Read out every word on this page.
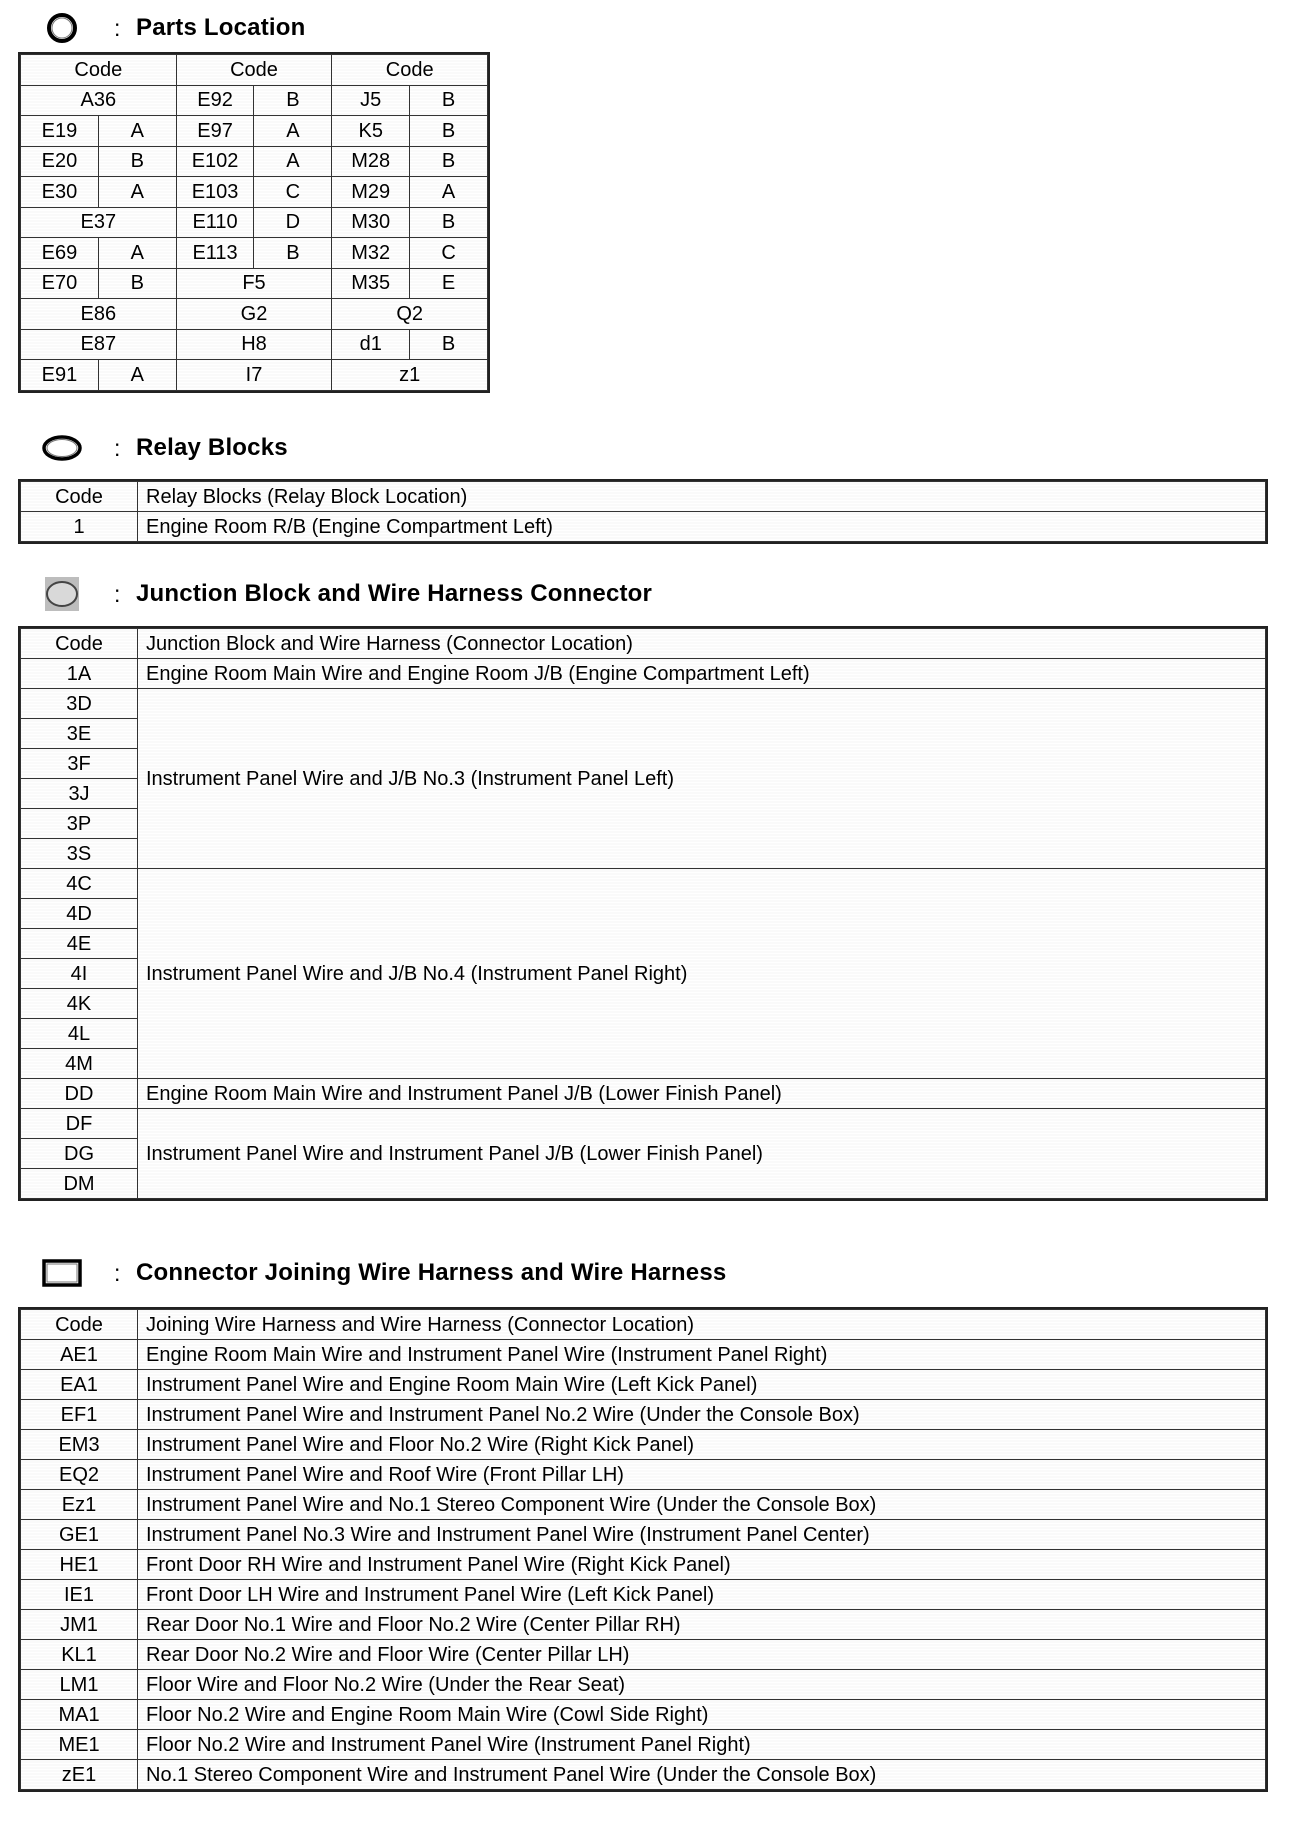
: Parts Location
Code		Code		Code	
A36		E92	B	J5	B
E19	A	E97	A	K5	B
E20	B	E102	A	M28	B
E30	A	E103	C	M29	A
E37		E110	D	M30	B
E69	A	E113	B	M32	C
E70	B	F5		M35	E
E86		G2		Q2	
E87		H8		d1	B
E91	A	I7		z1	
: Relay Blocks
Code	Relay Blocks (Relay Block Location)
1	Engine Room R/B (Engine Compartment Left)
: Junction Block and Wire Harness Connector
Code	Junction Block and Wire Harness (Connector Location)
1A	Engine Room Main Wire and Engine Room J/B (Engine Compartment Left)
3D	Instrument Panel Wire and J/B No.3 (Instrument Panel Left)
3E	
3F	
3J	
3P	
3S	
4C	Instrument Panel Wire and J/B No.4 (Instrument Panel Right)
4D	
4E	
4I	
4K	
4L	
4M	
DD	Engine Room Main Wire and Instrument Panel J/B (Lower Finish Panel)
DF	Instrument Panel Wire and Instrument Panel J/B (Lower Finish Panel)
DG	
DM	
: Connector Joining Wire Harness and Wire Harness
Code	Joining Wire Harness and Wire Harness (Connector Location)
AE1	Engine Room Main Wire and Instrument Panel Wire (Instrument Panel Right)
EA1	Instrument Panel Wire and Engine Room Main Wire (Left Kick Panel)
EF1	Instrument Panel Wire and Instrument Panel No.2 Wire (Under the Console Box)
EM3	Instrument Panel Wire and Floor No.2 Wire (Right Kick Panel)
EQ2	Instrument Panel Wire and Roof Wire (Front Pillar LH)
Ez1	Instrument Panel Wire and No.1 Stereo Component Wire (Under the Console Box)
GE1	Instrument Panel No.3 Wire and Instrument Panel Wire (Instrument Panel Center)
HE1	Front Door RH Wire and Instrument Panel Wire (Right Kick Panel)
IE1	Front Door LH Wire and Instrument Panel Wire (Left Kick Panel)
JM1	Rear Door No.1 Wire and Floor No.2 Wire (Center Pillar RH)
KL1	Rear Door No.2 Wire and Floor Wire (Center Pillar LH)
LM1	Floor Wire and Floor No.2 Wire (Under the Rear Seat)
MA1	Floor No.2 Wire and Engine Room Main Wire (Cowl Side Right)
ME1	Floor No.2 Wire and Instrument Panel Wire (Instrument Panel Right)
zE1	No.1 Stereo Component Wire and Instrument Panel Wire (Under the Console Box)
